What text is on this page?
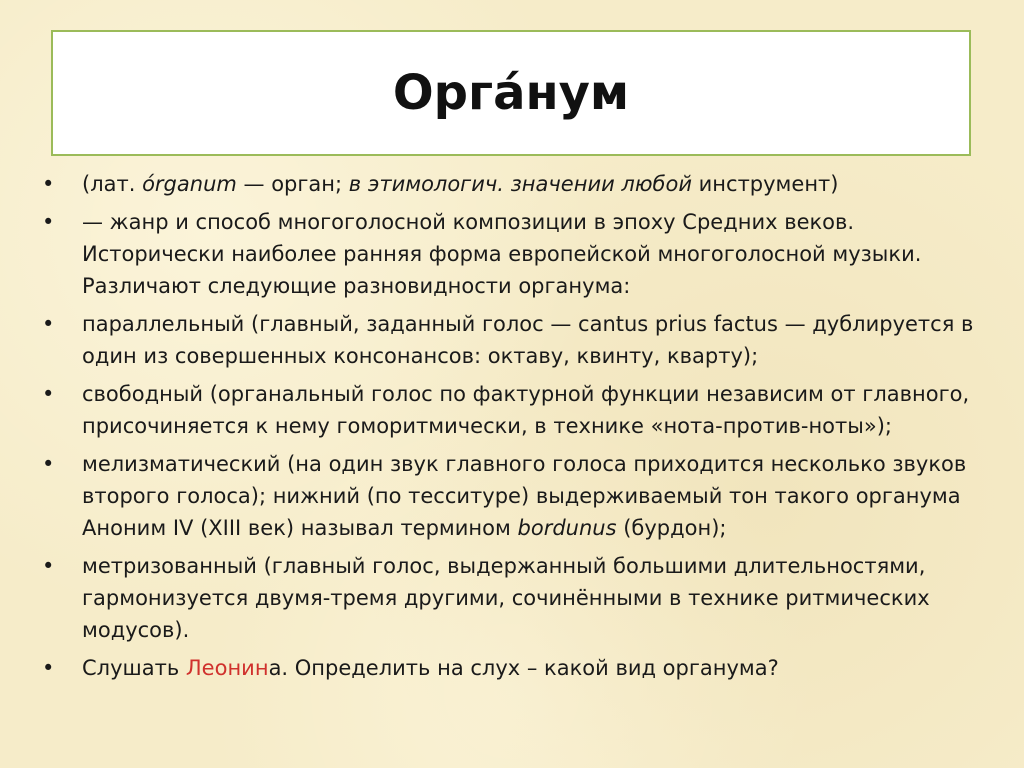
Орга́нум
• (лат. órganum — орган; в этимологич. значении любой инструмент)
• — жанр и способ многоголосной композиции в эпоху Средних веков. Исторически наиболее ранняя форма европейской многоголосной музыки. Различают следующие разновидности органума:
• параллельный (главный, заданный голос — cantus prius factus — дублируется в один из совершенных консонансов: октаву, квинту, кварту);
• свободный (органальный голос по фактурной функции независим от главного, присочиняется к нему гоморитмически, в технике «нота-против-ноты»);
• мелизматический (на один звук главного голоса приходится несколько звуков второго голоса); нижний (по тесситуре) выдерживаемый тон такого органума Аноним IV (XIII век) называл термином bordunus (бурдон);
• метризованный (главный голос, выдержанный большими длительностями, гармонизуется двумя-тремя другими, сочинёнными в технике ритмических модусов).
• Слушать Леонина. Определить на слух – какой вид органума?
